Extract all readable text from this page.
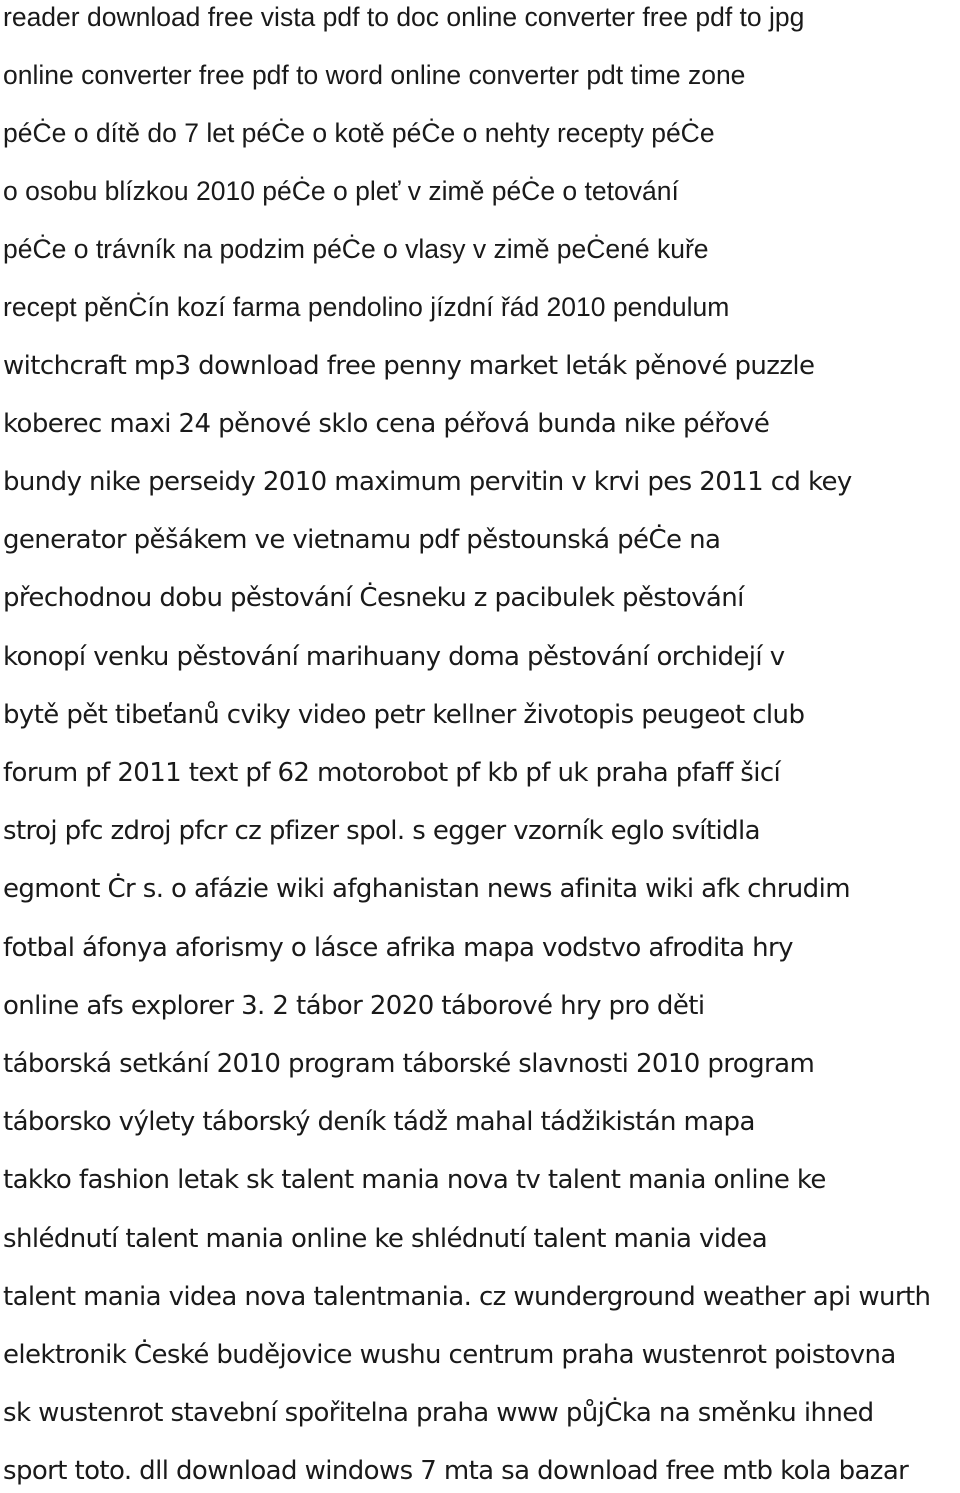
reader download free vista pdf to doc online converter free pdf to jpg
online converter free pdf to word online converter pdt time zone
péĊe o dítě do 7 let péĊe o kotě péĊe o nehty recepty péĊe
o osobu blízkou 2010 péĊe o pleť v zimě péĊe o tetování
péĊe o trávník na podzim péĊe o vlasy v zimě peĊené kuře
recept pěnĊín kozí farma pendolino jízdní řád 2010 pendulum
witchcraft mp3 download free penny market leták pěnové puzzle
koberec maxi 24 pěnové sklo cena péřová bunda nike péřové
bundy nike perseidy 2010 maximum pervitin v krvi pes 2011 cd key
generator pěšákem ve vietnamu pdf pěstounská péĊe na
přechodnou dobu pěstování Ċesneku z pacibulek pěstování
konopí venku pěstování marihuany doma pěstování orchidejí v
bytě pět tibeťanů cviky video petr kellner životopis peugeot club
forum pf 2011 text pf 62 motorobot pf kb pf uk praha pfaff šicí
stroj pfc zdroj pfcr cz pfizer spol. s egger vzorník eglo svítidla
egmont Ċr s. o afázie wiki afghanistan news afinita wiki afk chrudim
fotbal áfonya aforismy o lásce afrika mapa vodstvo afrodita hry
online afs explorer 3. 2 tábor 2020 táborové hry pro děti
táborská setkání 2010 program táborské slavnosti 2010 program
táborsko výlety táborský deník tádž mahal tádžikistán mapa
takko fashion letak sk talent mania nova tv talent mania online ke
shlédnutí talent mania online ke shlédnutí talent mania videa
talent mania videa nova talentmania. cz wunderground weather api wurth
elektronik Ċeské budějovice wushu centrum praha wustenrot poistovna
sk wustenrot stavební spořitelna praha www půjĊka na směnku ihned
sport toto. dll download windows 7 mta sa download free mtb kola bazar
